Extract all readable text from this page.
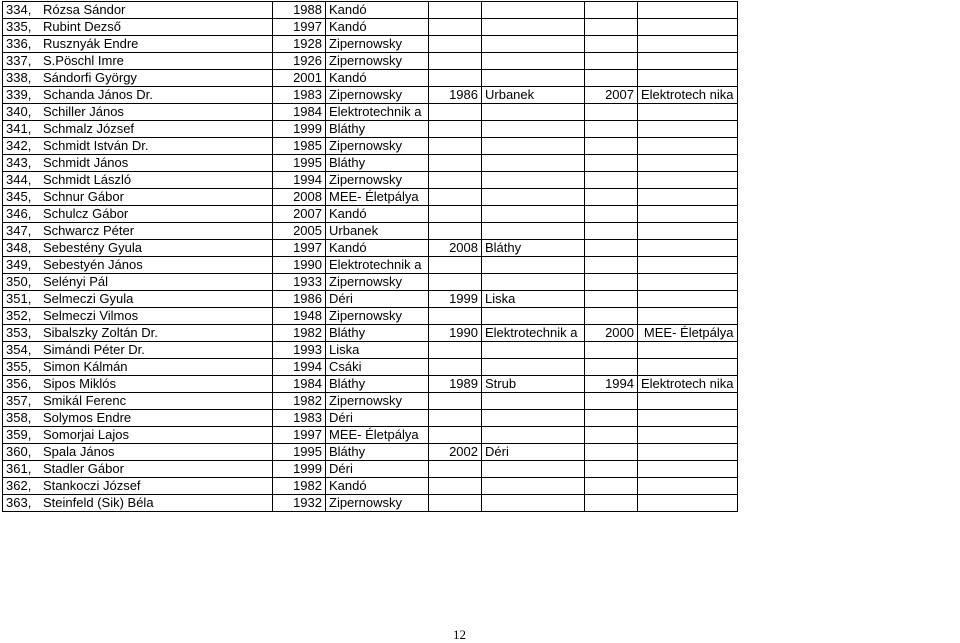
334,	Rózsa Sándor	1988	Kandó				
335,	Rubint Dezső	1997	Kandó				
336,	Rusznyák Endre	1928	Zipernowsky				
337,	S.Pöschl Imre	1926	Zipernowsky				
338,	Sándorfi György	2001	Kandó				
339,	Schanda János Dr.	1983	Zipernowsky	1986	Urbanek	2007	Elektrotech nika
340,	Schiller János	1984	Elektrotechnik a				
341,	Schmalz József	1999	Bláthy				
342,	Schmidt István Dr.	1985	Zipernowsky				
343,	Schmidt János	1995	Bláthy				
344,	Schmidt László	1994	Zipernowsky				
345,	Schnur Gábor	2008	MEE- Életpálya				
346,	Schulcz Gábor	2007	Kandó				
347,	Schwarcz Péter	2005	Urbanek				
348,	Sebestény Gyula	1997	Kandó	2008	Bláthy		
349,	Sebestyén János	1990	Elektrotechnik a				
350,	Selényi Pál	1933	Zipernowsky				
351,	Selmeczi Gyula	1986	Déri	1999	Liska		
352,	Selmeczi Vilmos	1948	Zipernowsky				
353,	Sibalszky Zoltán Dr.	1982	Bláthy	1990	Elektrotechnik a	2000	MEE- Életpálya
354,	Simándi Péter Dr.	1993	Liska				
355,	Simon Kálmán	1994	Csáki				
356,	Sipos Miklós	1984	Bláthy	1989	Strub	1994	Elektrotech nika
357,	Smikál Ferenc	1982	Zipernowsky				
358,	Solymos Endre	1983	Déri				
359,	Somorjai Lajos	1997	MEE- Életpálya				
360,	Spala János	1995	Bláthy	2002	Déri		
361,	Stadler Gábor	1999	Déri				
362,	Stankoczi József	1982	Kandó				
363,	Steinfeld (Sik) Béla	1932	Zipernowsky				
12
